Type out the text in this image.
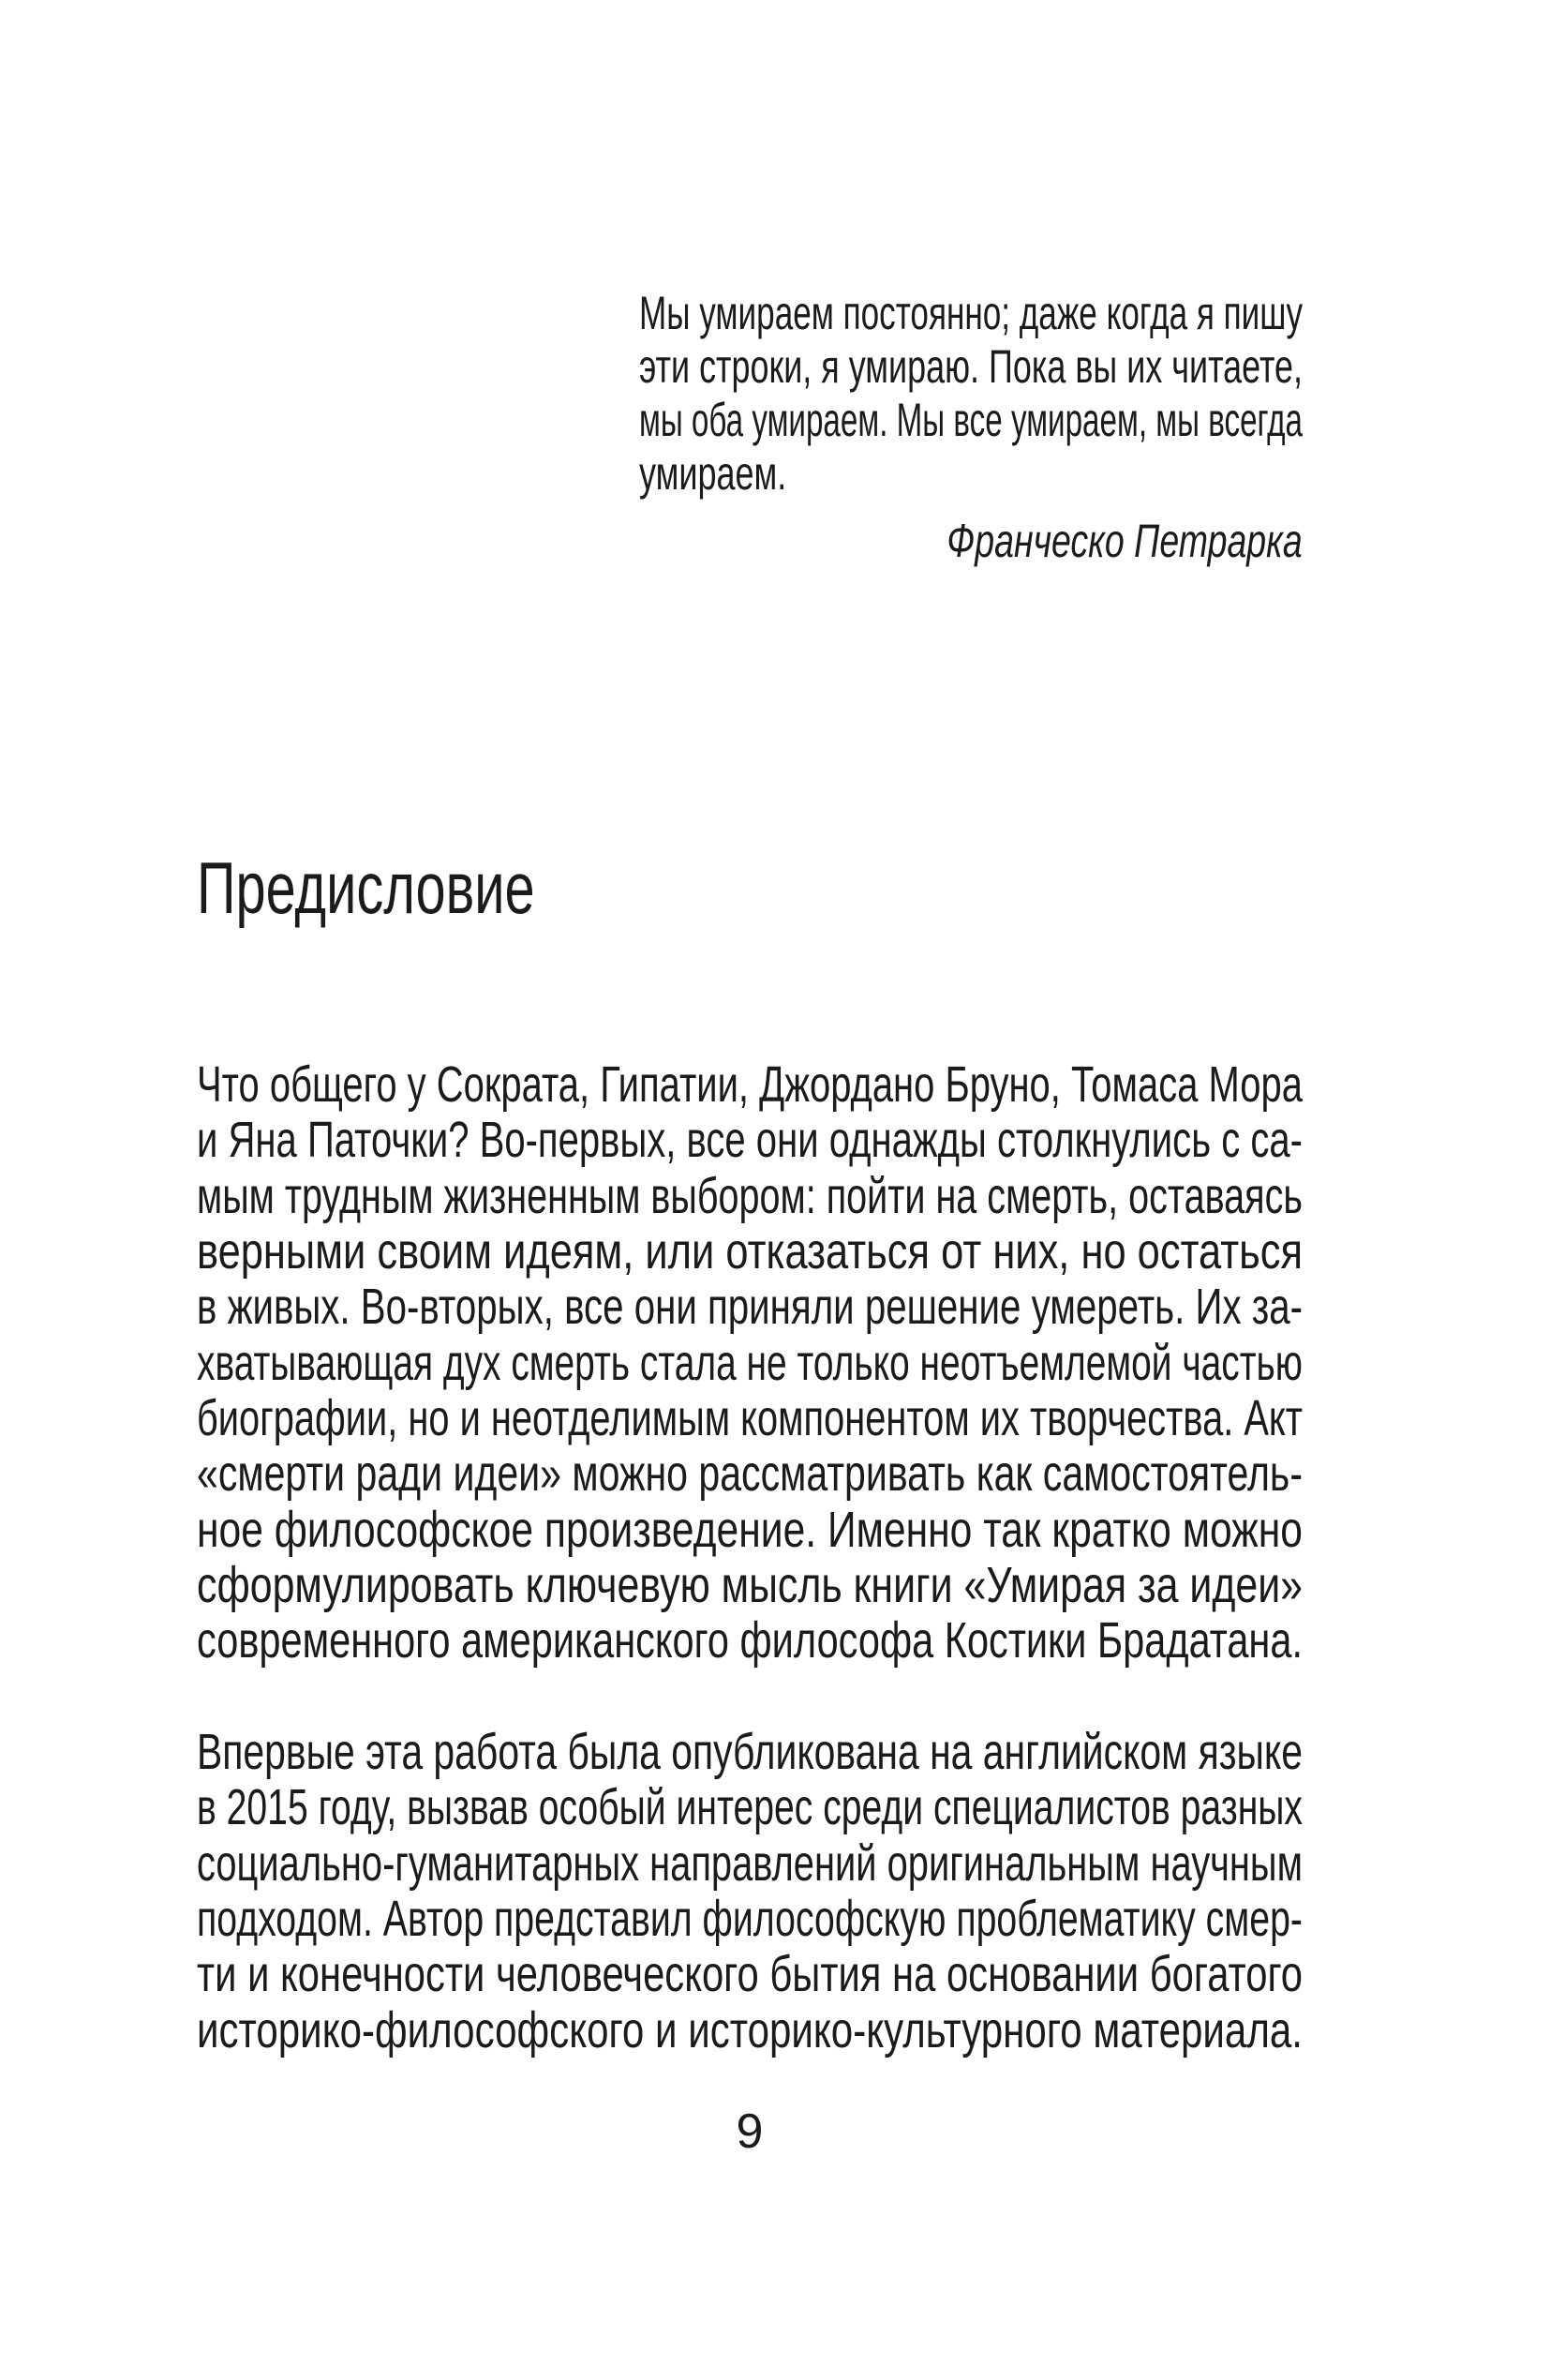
Мы умираем постоянно; даже когда я пишу
эти строки, я умираю. Пока вы их читаете,
мы оба умираем. Мы все умираем, мы всегда
умираем.
Франческо Петрарка
Предисловие
Что общего у Сократа, Гипатии, Джордано Бруно, Томаса Мора
и Яна Паточки? Во-первых, все они однажды столкнулись с са-
мым трудным жизненным выбором: пойти на смерть, оставаясь
верными своим идеям, или отказаться от них, но остаться
в живых. Во-вторых, все они приняли решение умереть. Их за-
хватывающая дух смерть стала не только неотъемлемой частью
биографии, но и неотделимым компонентом их творчества. Акт
«смерти ради идеи» можно рассматривать как самостоятель-
ное философское произведение. Именно так кратко можно
сформулировать ключевую мысль книги «Умирая за идеи»
современного американского философа Костики Брадатана.
Впервые эта работа была опубликована на английском языке
в 2015 году, вызвав особый интерес среди специалистов разных
социально-гуманитарных направлений оригинальным научным
подходом. Автор представил философскую проблематику смер-
ти и конечности человеческого бытия на основании богатого
историко-философского и историко-культурного материала.
9
